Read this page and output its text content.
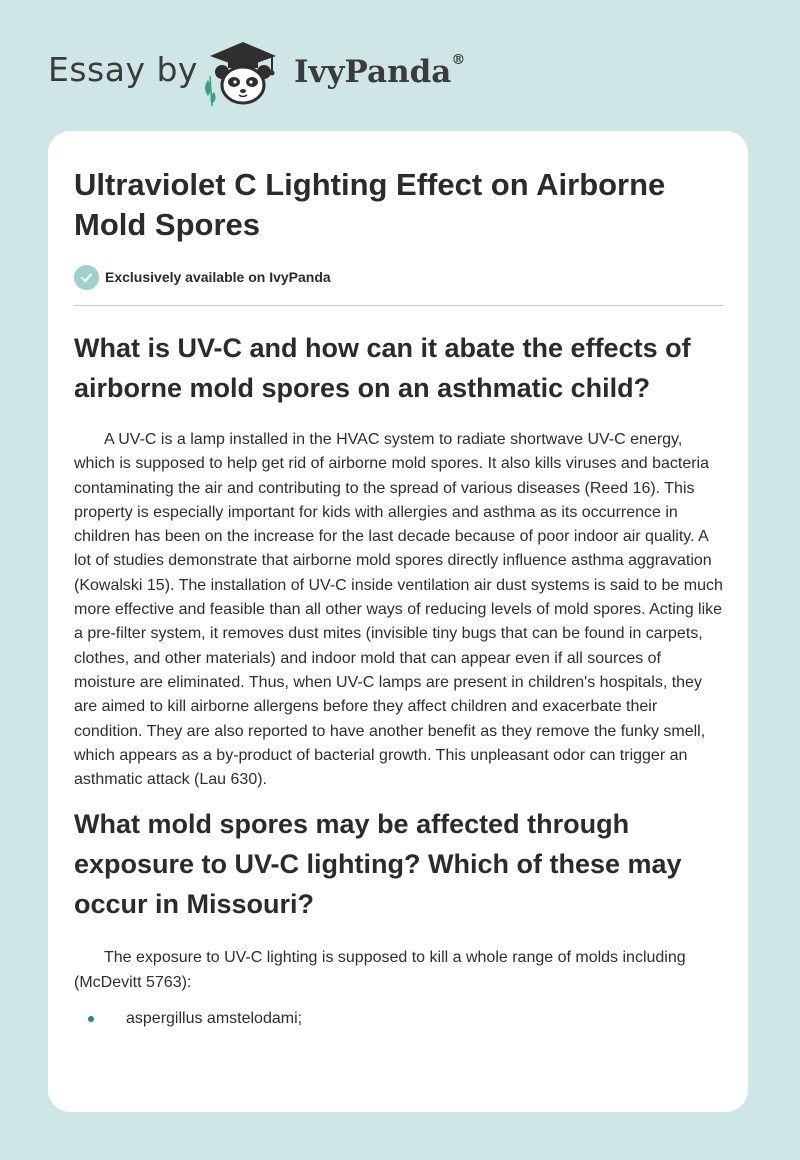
Essay by	IvyPanda®
Ultraviolet C Lighting Effect on Airborne Mold Spores
Exclusively available on IvyPanda
What is UV-C and how can it abate the effects of airborne mold spores on an asthmatic child?

A UV-C is a lamp installed in the HVAC system to radiate shortwave UV-C energy, which is supposed to help get rid of airborne mold spores. It also kills viruses and bacteria contaminating the air and contributing to the spread of various diseases (Reed 16). This property is especially important for kids with allergies and asthma as its occurrence in children has been on the increase for the last decade because of poor indoor air quality. A lot of studies demonstrate that airborne mold spores directly influence asthma aggravation (Kowalski 15). The installation of UV-C inside ventilation air dust systems is said to be much more effective and feasible than all other ways of reducing levels of mold spores. Acting like a pre-filter system, it removes dust mites (invisible tiny bugs that can be found in carpets, clothes, and other materials) and indoor mold that can appear even if all sources of moisture are eliminated. Thus, when UV-C lamps are present in children's hospitals, they are aimed to kill airborne allergens before they affect children and exacerbate their condition. They are also reported to have another benefit as they remove the funky smell, which appears as a by-product of bacterial growth. This unpleasant odor can trigger an asthmatic attack (Lau 630).

What mold spores may be affected through exposure to UV-C lighting? Which of these may occur in Missouri?

The exposure to UV-C lighting is supposed to kill a whole range of molds including (McDevitt 5763):

aspergillus amstelodami;
